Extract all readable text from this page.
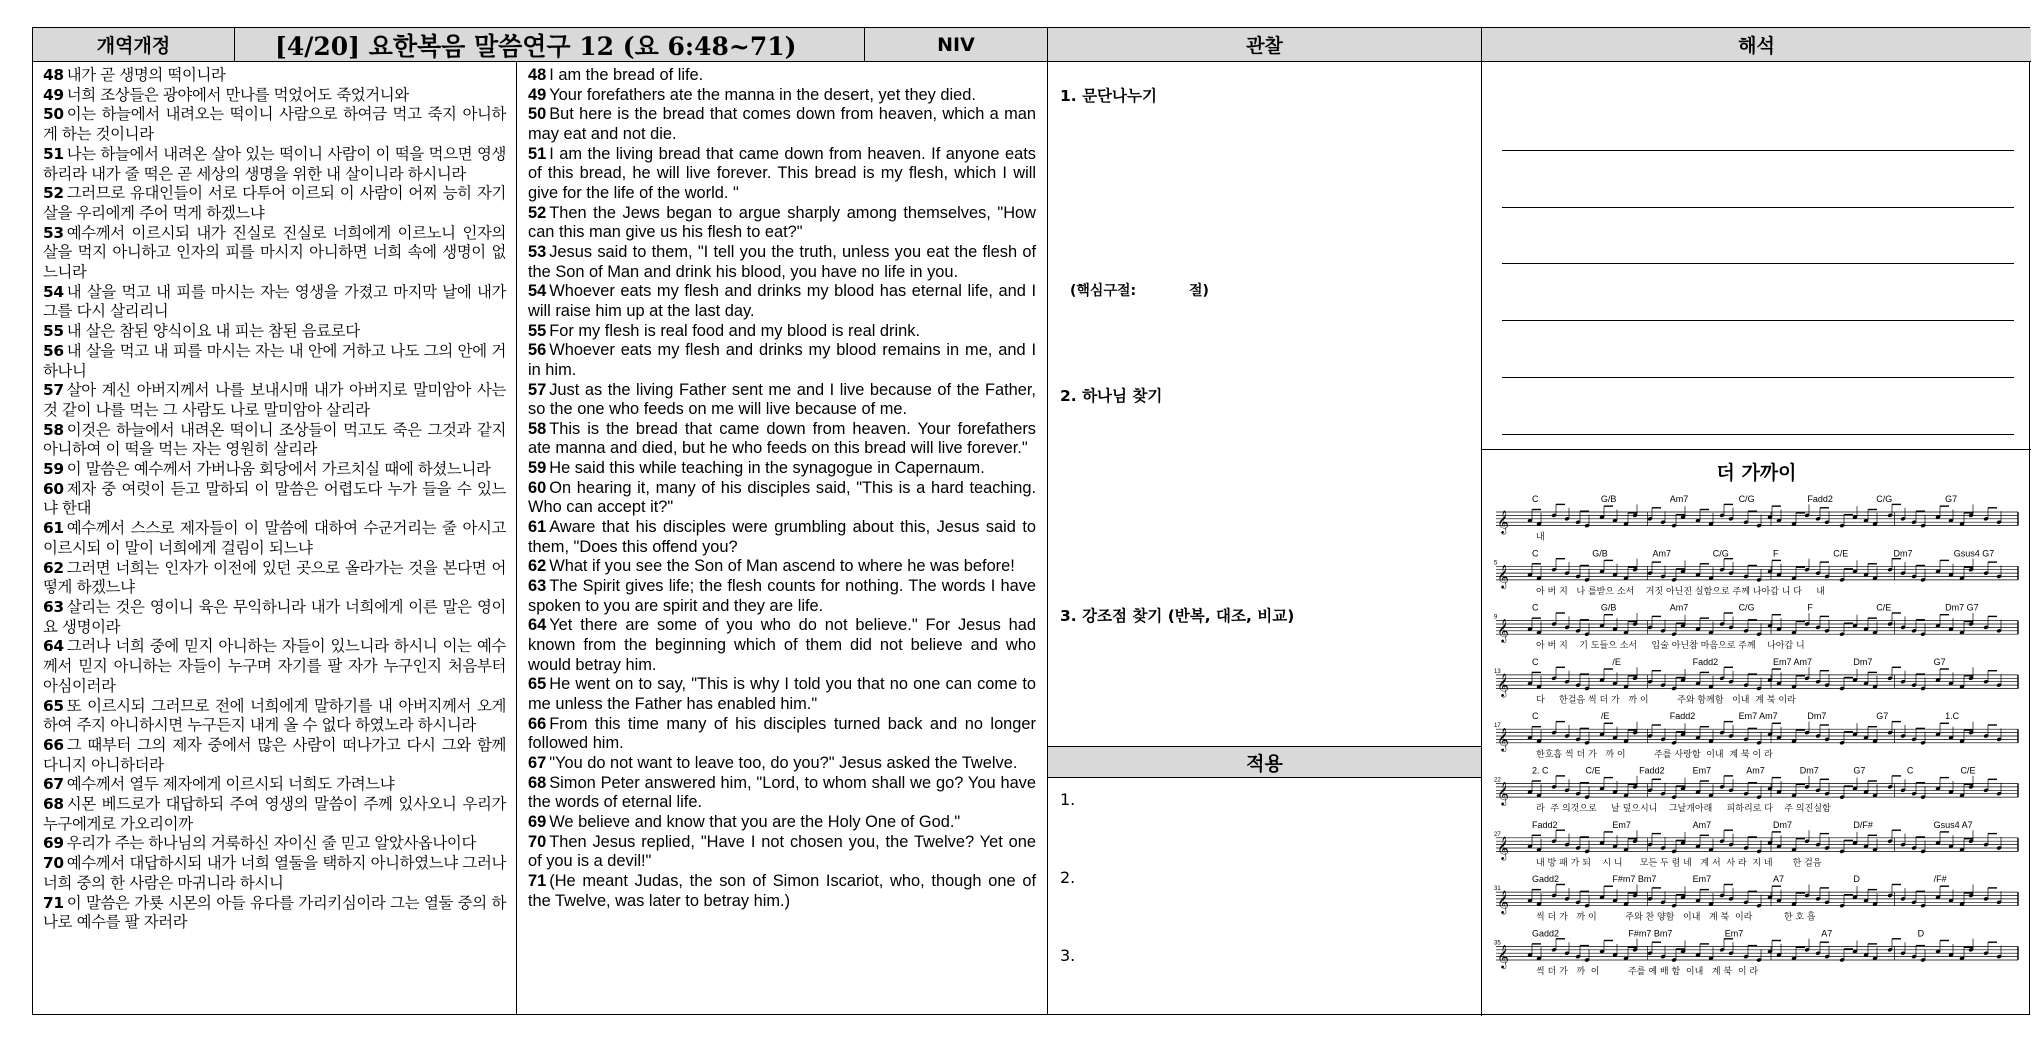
개역개정	[4/20] 요한복음 말씀연구 12 (요 6:48~71)	NIV	관찰	해석
48 내가 곧 생명의 떡이니라
49 너희 조상들은 광야에서 만나를 먹었어도 죽었거니와
50 이는 하늘에서 내려오는 떡이니 사람으로 하여금 먹고 죽지 아니하게 하는 것이니라
51 나는 하늘에서 내려온 살아 있는 떡이니 사람이 이 떡을 먹으면 영생하리라 내가 줄 떡은 곧 세상의 생명을 위한 내 살이니라 하시니라
52 그러므로 유대인들이 서로 다투어 이르되 이 사람이 어찌 능히 자기 살을 우리에게 주어 먹게 하겠느냐
53 예수께서 이르시되 내가 진실로 진실로 너희에게 이르노니 인자의 살을 먹지 아니하고 인자의 피를 마시지 아니하면 너희 속에 생명이 없느니라
54 내 살을 먹고 내 피를 마시는 자는 영생을 가졌고 마지막 날에 내가 그를 다시 살리리니
55 내 살은 참된 양식이요 내 피는 참된 음료로다
56 내 살을 먹고 내 피를 마시는 자는 내 안에 거하고 나도 그의 안에 거하나니
57 살아 계신 아버지께서 나를 보내시매 내가 아버지로 말미암아 사는 것 같이 나를 먹는 그 사람도 나로 말미암아 살리라
58 이것은 하늘에서 내려온 떡이니 조상들이 먹고도 죽은 그것과 같지 아니하여 이 떡을 먹는 자는 영원히 살리라
59 이 말씀은 예수께서 가버나움 회당에서 가르치실 때에 하셨느니라
60 제자 중 여럿이 듣고 말하되 이 말씀은 어렵도다 누가 들을 수 있느냐 한대
61 예수께서 스스로 제자들이 이 말씀에 대하여 수군거리는 줄 아시고 이르시되 이 말이 너희에게 걸림이 되느냐
62 그러면 너희는 인자가 이전에 있던 곳으로 올라가는 것을 본다면 어떻게 하겠느냐
63 살리는 것은 영이니 육은 무익하니라 내가 너희에게 이른 말은 영이요 생명이라
64 그러나 너희 중에 믿지 아니하는 자들이 있느니라 하시니 이는 예수께서 믿지 아니하는 자들이 누구며 자기를 팔 자가 누구인지 처음부터 아심이러라
65 또 이르시되 그러므로 전에 너희에게 말하기를 내 아버지께서 오게 하여 주지 아니하시면 누구든지 내게 올 수 없다 하였노라 하시니라
66 그 때부터 그의 제자 중에서 많은 사람이 떠나가고 다시 그와 함께 다니지 아니하더라
67 예수께서 열두 제자에게 이르시되 너희도 가려느냐
68 시몬 베드로가 대답하되 주여 영생의 말씀이 주께 있사오니 우리가 누구에게로 가오리이까
69 우리가 주는 하나님의 거룩하신 자이신 줄 믿고 알았사옵나이다
70 예수께서 대답하시되 내가 너희 열둘을 택하지 아니하였느냐 그러나 너희 중의 한 사람은 마귀니라 하시니
71 이 말씀은 가룟 시몬의 아들 유다를 가리키심이라 그는 열둘 중의 하나로 예수를 팔 자러라
48 I am the bread of life.
49 Your forefathers ate the manna in the desert, yet they died.
50 But here is the bread that comes down from heaven, which a man may eat and not die.
51 I am the living bread that came down from heaven. If anyone eats of this bread, he will live forever. This bread is my flesh, which I will give for the life of the world. "
52 Then the Jews began to argue sharply among themselves, "How can this man give us his flesh to eat?"
53 Jesus said to them, "I tell you the truth, unless you eat the flesh of the Son of Man and drink his blood, you have no life in you.
54 Whoever eats my flesh and drinks my blood has eternal life, and I will raise him up at the last day.
55 For my flesh is real food and my blood is real drink.
56 Whoever eats my flesh and drinks my blood remains in me, and I in him.
57 Just as the living Father sent me and I live because of the Father, so the one who feeds on me will live because of me.
58 This is the bread that came down from heaven. Your forefathers ate manna and died, but he who feeds on this bread will live forever."
59 He said this while teaching in the synagogue in Capernaum.
60 On hearing it, many of his disciples said, "This is a hard teaching. Who can accept it?"
61 Aware that his disciples were grumbling about this, Jesus said to them, "Does this offend you?
62 What if you see the Son of Man ascend to where he was before!
63 The Spirit gives life; the flesh counts for nothing. The words I have spoken to you are spirit and they are life.
64 Yet there are some of you who do not believe." For Jesus had known from the beginning which of them did not believe and who would betray him.
65 He went on to say, "This is why I told you that no one can come to me unless the Father has enabled him."
66 From this time many of his disciples turned back and no longer followed him.
67 "You do not want to leave too, do you?" Jesus asked the Twelve.
68 Simon Peter answered him, "Lord, to whom shall we go? You have the words of eternal life.
69 We believe and know that you are the Holy One of God."
70 Then Jesus replied, "Have I not chosen you, the Twelve? Yet one of you is a devil!"
71 (He meant Judas, the son of Simon Iscariot, who, though one of the Twelve, was later to betray him.)
1. 문단나누기
(핵심구절:	절)
2. 하나님 찾기
3. 강조점 찾기 (반복, 대조, 비교)
적용
1.
2.
3.
더 가까이
C	G/B	Am7	C/G	Fadd2	C/G	G7
𝄞
내
C	G/B	Am7	C/G	F	C/E	Dm7	Gsus4 G7
5
𝄞
아 버 지   나 를받으 소서    거짓 아닌진 실함으로 주께 나아갑 니 다     내
C	G/B	Am7	C/G	F	C/E	Dm7 G7
9
𝄞
아 버 지    기 도들으 소서     입술 아닌참 마음으로 주께    나아갑 니
C	/E	Fadd2	Em7 Am7	Dm7	G7
13
𝄞
다     한걸음 씩 더 가   까 이          주와 함께함   이내  계 북 이라
C	/E	Fadd2	Em7 Am7	Dm7	G7	1.C
17
𝄞
한호흡 씩 더 가   까 이          주를 사랑함  이내  계 북 이 라
2. C	C/E	Fadd2	Em7	Am7	Dm7	G7	C	C/E
22
𝄞
라  주 의것으로     날 덮으시니    그날개아래     피하리로 다    주 의진실함
Fadd2	Em7	Am7	Dm7	D/F#	Gsus4 A7
27
𝄞
내 방 패 가 되    시 니      모든 두 렴 네   계 서  사 라  지 네       한 걸음
Gadd2	F#m7 Bm7	Em7	A7	D	/F#
31
𝄞
씩 더 가   까 이          주와 찬 양함   이내   계 북  이라           한 호 흡
Gadd2	F#m7 Bm7	Em7	A7	D
35
𝄞
씩 더 가   까  이          주를 예 배 함  이내   계 북  이 라
